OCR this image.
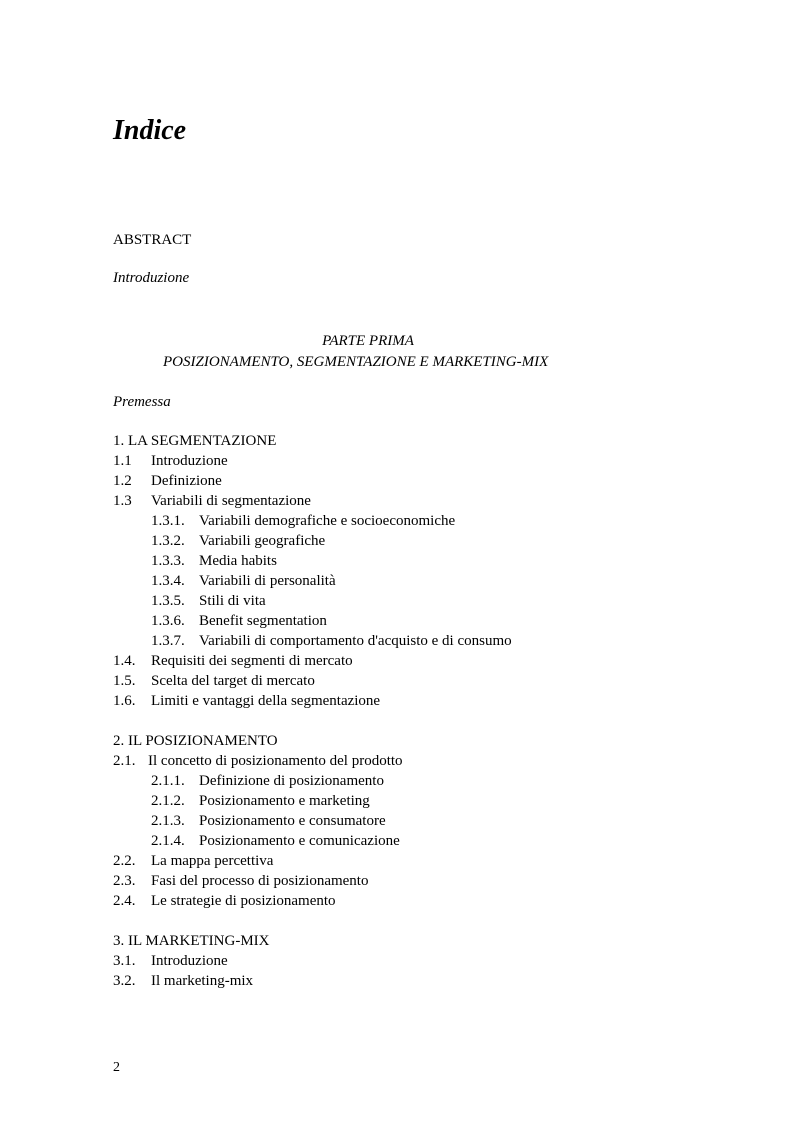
Indice
ABSTRACT
Introduzione
PARTE PRIMA
POSIZIONAMENTO, SEGMENTAZIONE E MARKETING-MIX
Premessa
1. LA SEGMENTAZIONE
1.1 Introduzione
1.2 Definizione
1.3 Variabili di segmentazione
1.3.1. Variabili demografiche e socioeconomiche
1.3.2. Variabili geografiche
1.3.3. Media habits
1.3.4. Variabili di personalità
1.3.5. Stili di vita
1.3.6. Benefit segmentation
1.3.7. Variabili di comportamento d'acquisto e di consumo
1.4. Requisiti dei segmenti di mercato
1.5. Scelta del target di mercato
1.6. Limiti e vantaggi della segmentazione
2. IL POSIZIONAMENTO
2.1. Il concetto di posizionamento del prodotto
2.1.1. Definizione di posizionamento
2.1.2. Posizionamento e marketing
2.1.3. Posizionamento e consumatore
2.1.4. Posizionamento e comunicazione
2.2. La mappa percettiva
2.3. Fasi del processo di posizionamento
2.4. Le strategie di posizionamento
3. IL MARKETING-MIX
3.1. Introduzione
3.2. Il marketing-mix
2
